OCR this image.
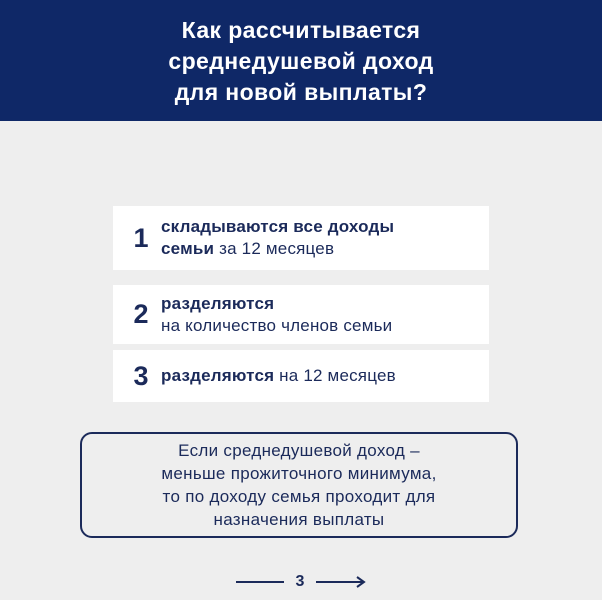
Как рассчитывается
среднедушевой доход
для новой выплаты?
1 складываются все доходы
семьи за 12 месяцев
2 разделяются
на количество членов семьи
3 разделяются на 12 месяцев
Если среднедушевой доход –
меньше прожиточного минимума,
то по доходу семья проходит для
назначения выплаты
3
